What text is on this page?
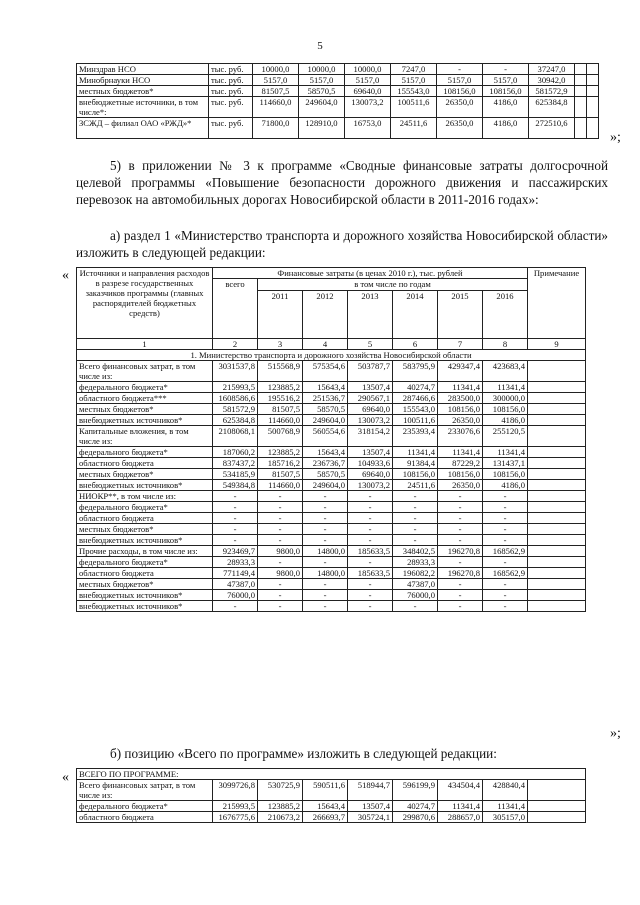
5
Минздрав НСО	тыс. руб.	10000,0	10000,0	10000,0	7247,0	-	-	37247,0		
Минобрнауки НСО	тыс. руб.	5157,0	5157,0	5157,0	5157,0	5157,0	5157,0	30942,0		
местных бюджетов*	тыс. руб.	81507,5	58570,5	69640,0	155543,0	108156,0	108156,0	581572,9		
внебюджетные источники, в том числе*:	тыс. руб.	114660,0	249604,0	130073,2	100511,6	26350,0	4186,0	625384,8		
ЗСЖД – филиал ОАО «РЖД»*	тыс. руб.	71800,0	128910,0	16753,0	24511,6	26350,0	4186,0	272510,6		
»;
5) в приложении № 3 к программе «Сводные финансовые затраты долгосрочной целевой программы «Повышение безопасности дорожного движения и пассажирских перевозок на автомобильных дорогах Новосибирской области в 2011-2016 годах»:
а) раздел 1 «Министерство транспорта и дорожного хозяйства Новосибирской области» изложить в следующей редакции:
« Источники и направления расходов в разрезе государственных заказчиков программы (главных распорядителей бюджетных средств)	Финансовые затраты (в ценах 2010 г.), тыс. рублей							Примечание
	всего	в том числе по годам						
		2011	2012	2013	2014	2015	2016	
1	2	3	4	5	6	7	8	9
1. Министерство транспорта и дорожного хозяйства Новосибирской области								
Всего финансовых затрат, в том числе из:	3031537,8	515568,9	575354,6	503787,7	583795,9	429347,4	423683,4	
федерального бюджета*	215993,5	123885,2	15643,4	13507,4	40274,7	11341,4	11341,4	
областного бюджета***	1608586,6	195516,2	251536,7	290567,1	287466,6	283500,0	300000,0	
местных бюджетов*	581572,9	81507,5	58570,5	69640,0	155543,0	108156,0	108156,0	
внебюджетных источников*	625384,8	114660,0	249604,0	130073,2	100511,6	26350,0	4186,0	
Капитальные вложения, в том числе из:	2108068,1	500768,9	560554,6	318154,2	235393,4	233076,6	255120,5	
федерального бюджета*	187060,2	123885,2	15643,4	13507,4	11341,4	11341,4	11341,4	
областного бюджета	837437,2	185716,2	236736,7	104933,6	91384,4	87229,2	131437,1	
местных бюджетов*	534185,9	81507,5	58570,5	69640,0	108156,0	108156,0	108156,0	
внебюджетных источников*	549384,8	114660,0	249604,0	130073,2	24511,6	26350,0	4186,0	
НИОКР**, в том числе из:	-	-	-	-	-	-	-	
федерального бюджета*	-	-	-	-	-	-	-	
областного бюджета	-	-	-	-	-	-	-	
местных бюджетов*	-	-	-	-	-	-	-	
внебюджетных источников*	-	-	-	-	-	-	-	
Прочие расходы, в том числе из:	923469,7	9800,0	14800,0	185633,5	348402,5	196270,8	168562,9	
федерального бюджета*	28933,3	-	-	-	28933,3	-	-	
областного бюджета	771149,4	9800,0	14800,0	185633,5	196082,2	196270,8	168562,9	
местных бюджетов*	47387,0	-	-	-	47387,0	-	-	
внебюджетных источников*	76000,0	-	-	-	76000,0	-	-	
внебюджетных источников*	-	-	-	-	-	-	-	
»;
б) позицию «Всего по программе» изложить в следующей редакции:
« ВСЕГО ПО ПРОГРАММЕ:								
Всего финансовых затрат, в том числе из:	3099726,8	530725,9	590511,6	518944,7	596199,9	434504,4	428840,4	
федерального бюджета*	215993,5	123885,2	15643,4	13507,4	40274,7	11341,4	11341,4	
областного бюджета	1676775,6	210673,2	266693,7	305724,1	299870,6	288657,0	305157,0	
